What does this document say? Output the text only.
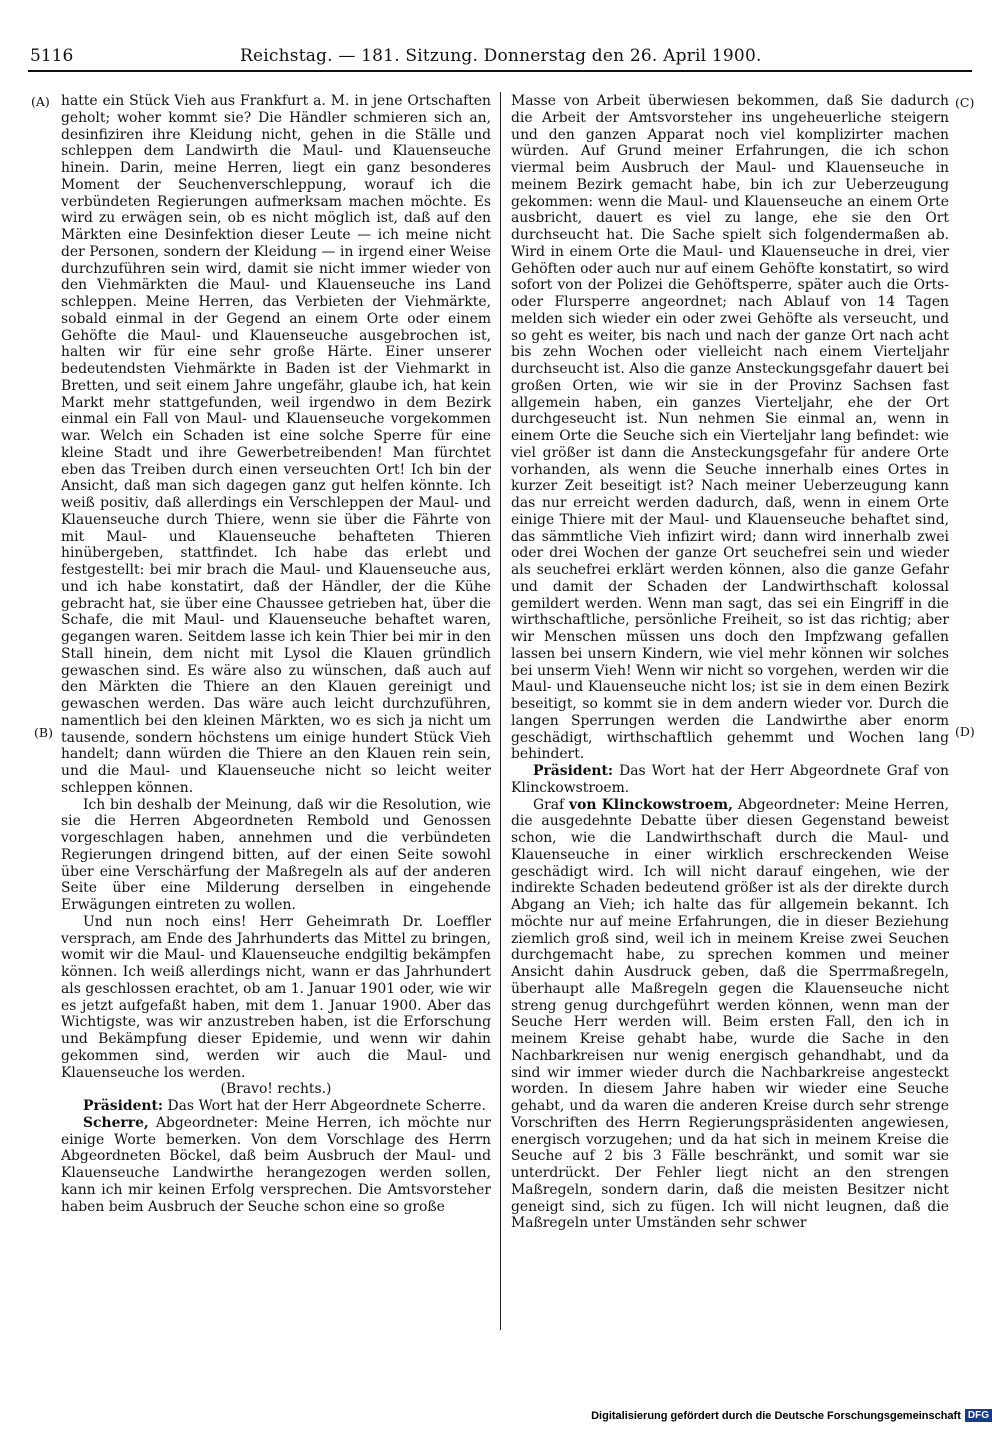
5116	Reichstag. — 181. Sitzung. Donnerstag den 26. April 1900.
(A)
(B)
(C)
(D)

hatte ein Stück Vieh aus Frankfurt a. M. in jene Ortschaften geholt; woher kommt sie? Die Händler schmieren sich an, desinfiziren ihre Kleidung nicht, gehen in die Ställe und schleppen dem Landwirth die Maul- und Klauenseuche hinein. Darin, meine Herren, liegt ein ganz besonderes Moment der Seuchenverschleppung, worauf ich die verbündeten Regierungen aufmerksam machen möchte. Es wird zu erwägen sein, ob es nicht möglich ist, daß auf den Märkten eine Desinfektion dieser Leute — ich meine nicht der Personen, sondern der Kleidung — in irgend einer Weise durchzuführen sein wird, damit sie nicht immer wieder von den Viehmärkten die Maul- und Klauenseuche ins Land schleppen. Meine Herren, das Verbieten der Viehmärkte, sobald einmal in der Gegend an einem Orte oder einem Gehöfte die Maul- und Klauenseuche ausgebrochen ist, halten wir für eine sehr große Härte. Einer unserer bedeutendsten Viehmärkte in Baden ist der Viehmarkt in Bretten, und seit einem Jahre ungefähr, glaube ich, hat kein Markt mehr stattgefunden, weil irgendwo in dem Bezirk einmal ein Fall von Maul- und Klauenseuche vorgekommen war. Welch ein Schaden ist eine solche Sperre für eine kleine Stadt und ihre Gewerbetreibenden! Man fürchtet eben das Treiben durch einen verseuchten Ort! Ich bin der Ansicht, daß man sich dagegen ganz gut helfen könnte. Ich weiß positiv, daß allerdings ein Verschleppen der Maul- und Klauenseuche durch Thiere, wenn sie über die Fährte von mit Maul- und Klauenseuche behafteten Thieren hinübergeben, stattfindet. Ich habe das erlebt und festgestellt: bei mir brach die Maul- und Klauenseuche aus, und ich habe konstatirt, daß der Händler, der die Kühe gebracht hat, sie über eine Chaussee getrieben hat, über die Schafe, die mit Maul- und Klauenseuche behaftet waren, gegangen waren. Seitdem lasse ich kein Thier bei mir in den Stall hinein, dem nicht mit Lysol die Klauen gründlich gewaschen sind. Es wäre also zu wünschen, daß auch auf den Märkten die Thiere an den Klauen gereinigt und gewaschen werden. Das wäre auch leicht durchzuführen, namentlich bei den kleinen Märkten, wo es sich ja nicht um tausende, sondern höchstens um einige hundert Stück Vieh handelt; dann würden die Thiere an den Klauen rein sein, und die Maul- und Klauenseuche nicht so leicht weiter schleppen können.

Ich bin deshalb der Meinung, daß wir die Resolution, wie sie die Herren Abgeordneten Rembold und Genossen vorgeschlagen haben, annehmen und die verbündeten Regierungen dringend bitten, auf der einen Seite sowohl über eine Verschärfung der Maßregeln als auf der anderen Seite über eine Milderung derselben in eingehende Erwägungen eintreten zu wollen.

Und nun noch eins! Herr Geheimrath Dr. Loeffler versprach, am Ende des Jahrhunderts das Mittel zu bringen, womit wir die Maul- und Klauenseuche endgiltig bekämpfen können. Ich weiß allerdings nicht, wann er das Jahrhundert als geschlossen erachtet, ob am 1. Januar 1901 oder, wie wir es jetzt aufgefaßt haben, mit dem 1. Januar 1900. Aber das Wichtigste, was wir anzustreben haben, ist die Erforschung und Bekämpfung dieser Epidemie, und wenn wir dahin gekommen sind, werden wir auch die Maul- und Klauenseuche los werden.

(Bravo! rechts.)

Präsident: Das Wort hat der Herr Abgeordnete Scherre.

Scherre, Abgeordneter: Meine Herren, ich möchte nur einige Worte bemerken. Von dem Vorschlage des Herrn Abgeordneten Böckel, daß beim Ausbruch der Maul- und Klauenseuche Landwirthe herangezogen werden sollen, kann ich mir keinen Erfolg versprechen. Die Amtsvorsteher haben beim Ausbruch der Seuche schon eine so große

Masse von Arbeit überwiesen bekommen, daß Sie dadurch die Arbeit der Amtsvorsteher ins ungeheuerliche steigern und den ganzen Apparat noch viel komplizirter machen würden. Auf Grund meiner Erfahrungen, die ich schon viermal beim Ausbruch der Maul- und Klauenseuche in meinem Bezirk gemacht habe, bin ich zur Ueberzeugung gekommen: wenn die Maul- und Klauenseuche an einem Orte ausbricht, dauert es viel zu lange, ehe sie den Ort durchseucht hat. Die Sache spielt sich folgendermaßen ab. Wird in einem Orte die Maul- und Klauenseuche in drei, vier Gehöften oder auch nur auf einem Gehöfte konstatirt, so wird sofort von der Polizei die Gehöftsperre, später auch die Orts- oder Flursperre angeordnet; nach Ablauf von 14 Tagen melden sich wieder ein oder zwei Gehöfte als verseucht, und so geht es weiter, bis nach und nach der ganze Ort nach acht bis zehn Wochen oder vielleicht nach einem Vierteljahr durchseucht ist. Also die ganze Ansteckungsgefahr dauert bei großen Orten, wie wir sie in der Provinz Sachsen fast allgemein haben, ein ganzes Vierteljahr, ehe der Ort durchgeseucht ist. Nun nehmen Sie einmal an, wenn in einem Orte die Seuche sich ein Vierteljahr lang befindet: wie viel größer ist dann die Ansteckungsgefahr für andere Orte vorhanden, als wenn die Seuche innerhalb eines Ortes in kurzer Zeit beseitigt ist? Nach meiner Ueberzeugung kann das nur erreicht werden dadurch, daß, wenn in einem Orte einige Thiere mit der Maul- und Klauenseuche behaftet sind, das sämmtliche Vieh infizirt wird; dann wird innerhalb zwei oder drei Wochen der ganze Ort seuchefrei sein und wieder als seuchefrei erklärt werden können, also die ganze Gefahr und damit der Schaden der Landwirthschaft kolossal gemildert werden. Wenn man sagt, das sei ein Eingriff in die wirthschaftliche, persönliche Freiheit, so ist das richtig; aber wir Menschen müssen uns doch den Impfzwang gefallen lassen bei unsern Kindern, wie viel mehr können wir solches bei unserm Vieh! Wenn wir nicht so vorgehen, werden wir die Maul- und Klauenseuche nicht los; ist sie in dem einen Bezirk beseitigt, so kommt sie in dem andern wieder vor. Durch die langen Sperrungen werden die Landwirthe aber enorm geschädigt, wirthschaftlich gehemmt und Wochen lang behindert.

Präsident: Das Wort hat der Herr Abgeordnete Graf von Klinckowstroem.

Graf von Klinckowstroem, Abgeordneter: Meine Herren, die ausgedehnte Debatte über diesen Gegenstand beweist schon, wie die Landwirthschaft durch die Maul- und Klauenseuche in einer wirklich erschreckenden Weise geschädigt wird. Ich will nicht darauf eingehen, wie der indirekte Schaden bedeutend größer ist als der direkte durch Abgang an Vieh; ich halte das für allgemein bekannt. Ich möchte nur auf meine Erfahrungen, die in dieser Beziehung ziemlich groß sind, weil ich in meinem Kreise zwei Seuchen durchgemacht habe, zu sprechen kommen und meiner Ansicht dahin Ausdruck geben, daß die Sperrmaßregeln, überhaupt alle Maßregeln gegen die Klauenseuche nicht streng genug durchgeführt werden können, wenn man der Seuche Herr werden will. Beim ersten Fall, den ich in meinem Kreise gehabt habe, wurde die Sache in den Nachbarkreisen nur wenig energisch gehandhabt, und da sind wir immer wieder durch die Nachbarkreise angesteckt worden. In diesem Jahre haben wir wieder eine Seuche gehabt, und da waren die anderen Kreise durch sehr strenge Vorschriften des Herrn Regierungspräsidenten angewiesen, energisch vorzugehen; und da hat sich in meinem Kreise die Seuche auf 2 bis 3 Fälle beschränkt, und somit war sie unterdrückt. Der Fehler liegt nicht an den strengen Maßregeln, sondern darin, daß die meisten Besitzer nicht geneigt sind, sich zu fügen. Ich will nicht leugnen, daß die Maßregeln unter Umständen sehr schwer

Digitalisierung gefördert durch die Deutsche Forschungsgemeinschaft DFG
